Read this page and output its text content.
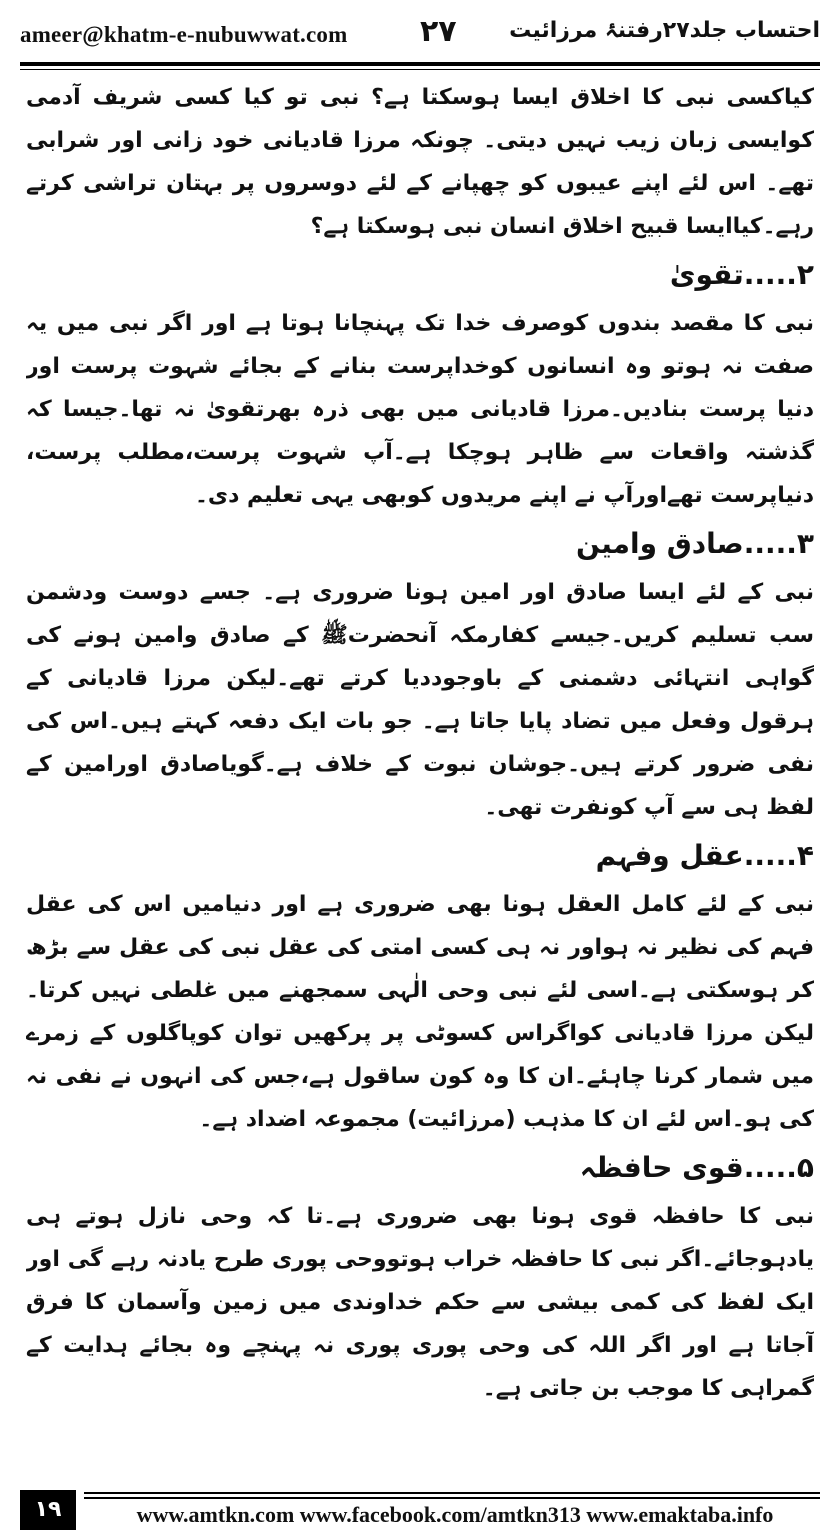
ameer@khatm-e-nubuwwat.com ۲۷ احتساب جلد۲۷رفتنۂ مرزائیت

کیاکسی نبی کا اخلاق ایسا ہوسکتا ہے؟ نبی تو کیا کسی شریف آدمی کوایسی زبان زیب نہیں دیتی۔ چونکہ مرزا قادیانی خود زانی اور شرابی تھے۔ اس لئے اپنے عیبوں کو چھپانے کے لئے دوسروں پر بہتان تراشی کرتے رہے۔کیاایسا قبیح اخلاق انسان نبی ہوسکتا ہے؟

۲.....تقویٰ

نبی کا مقصد بندوں کوصرف خدا تک پہنچانا ہوتا ہے اور اگر نبی میں یہ صفت نہ ہوتو وہ انسانوں کوخداپرست بنانے کے بجائے شہوت پرست اور دنیا پرست بنادیں۔مرزا قادیانی میں بھی ذرہ بھرتقویٰ نہ تھا۔جیسا کہ گذشتہ واقعات سے ظاہر ہوچکا ہے۔آپ شہوت پرست،مطلب پرست، دنیاپرست تھےاورآپ نے اپنے مریدوں کوبھی یہی تعلیم دی۔

۳.....صادق وامین

نبی کے لئے ایسا صادق اور امین ہونا ضروری ہے۔ جسے دوست ودشمن سب تسلیم کریں۔جیسے کفارمکہ آنحضرتﷺ کے صادق وامین ہونے کی گواہی انتہائی دشمنی کے باوجوددیا کرتے تھے۔لیکن مرزا قادیانی کے ہرقول وفعل میں تضاد پایا جاتا ہے۔ جو بات ایک دفعہ کہتے ہیں۔اس کی نفی ضرور کرتے ہیں۔جوشان نبوت کے خلاف ہے۔گویاصادق اورامین کے لفظ ہی سے آپ کونفرت تھی۔

۴.....عقل وفہم

نبی کے لئے کامل العقل ہونا بھی ضروری ہے اور دنیامیں اس کی عقل فہم کی نظیر نہ ہواور نہ ہی کسی امتی کی عقل نبی کی عقل سے بڑھ کر ہوسکتی ہے۔اسی لئے نبی وحی الٰہی سمجھنے میں غلطی نہیں کرتا۔لیکن مرزا قادیانی کواگراس کسوٹی پر پرکھیں توان کوپاگلوں کے زمرے میں شمار کرنا چاہئے۔ان کا وہ کون ساقول ہے،جس کی انہوں نے نفی نہ کی ہو۔اس لئے ان کا مذہب (مرزائیت) مجموعہ اضداد ہے۔

۵.....قوی حافظہ

نبی کا حافظہ قوی ہونا بھی ضروری ہے۔تا کہ وحی نازل ہوتے ہی یادہوجائے۔اگر نبی کا حافظہ خراب ہوتووحی پوری طرح یادنہ رہے گی اور ایک لفظ کی کمی بیشی سے حکم خداوندی میں زمین وآسمان کا فرق آجاتا ہے اور اگر اللہ کی وحی پوری پوری نہ پہنچے وہ بجائے ہدایت کے گمراہی کا موجب بن جاتی ہے۔

۱۹	www.amtkn.com www.facebook.com/amtkn313 www.emaktaba.info
